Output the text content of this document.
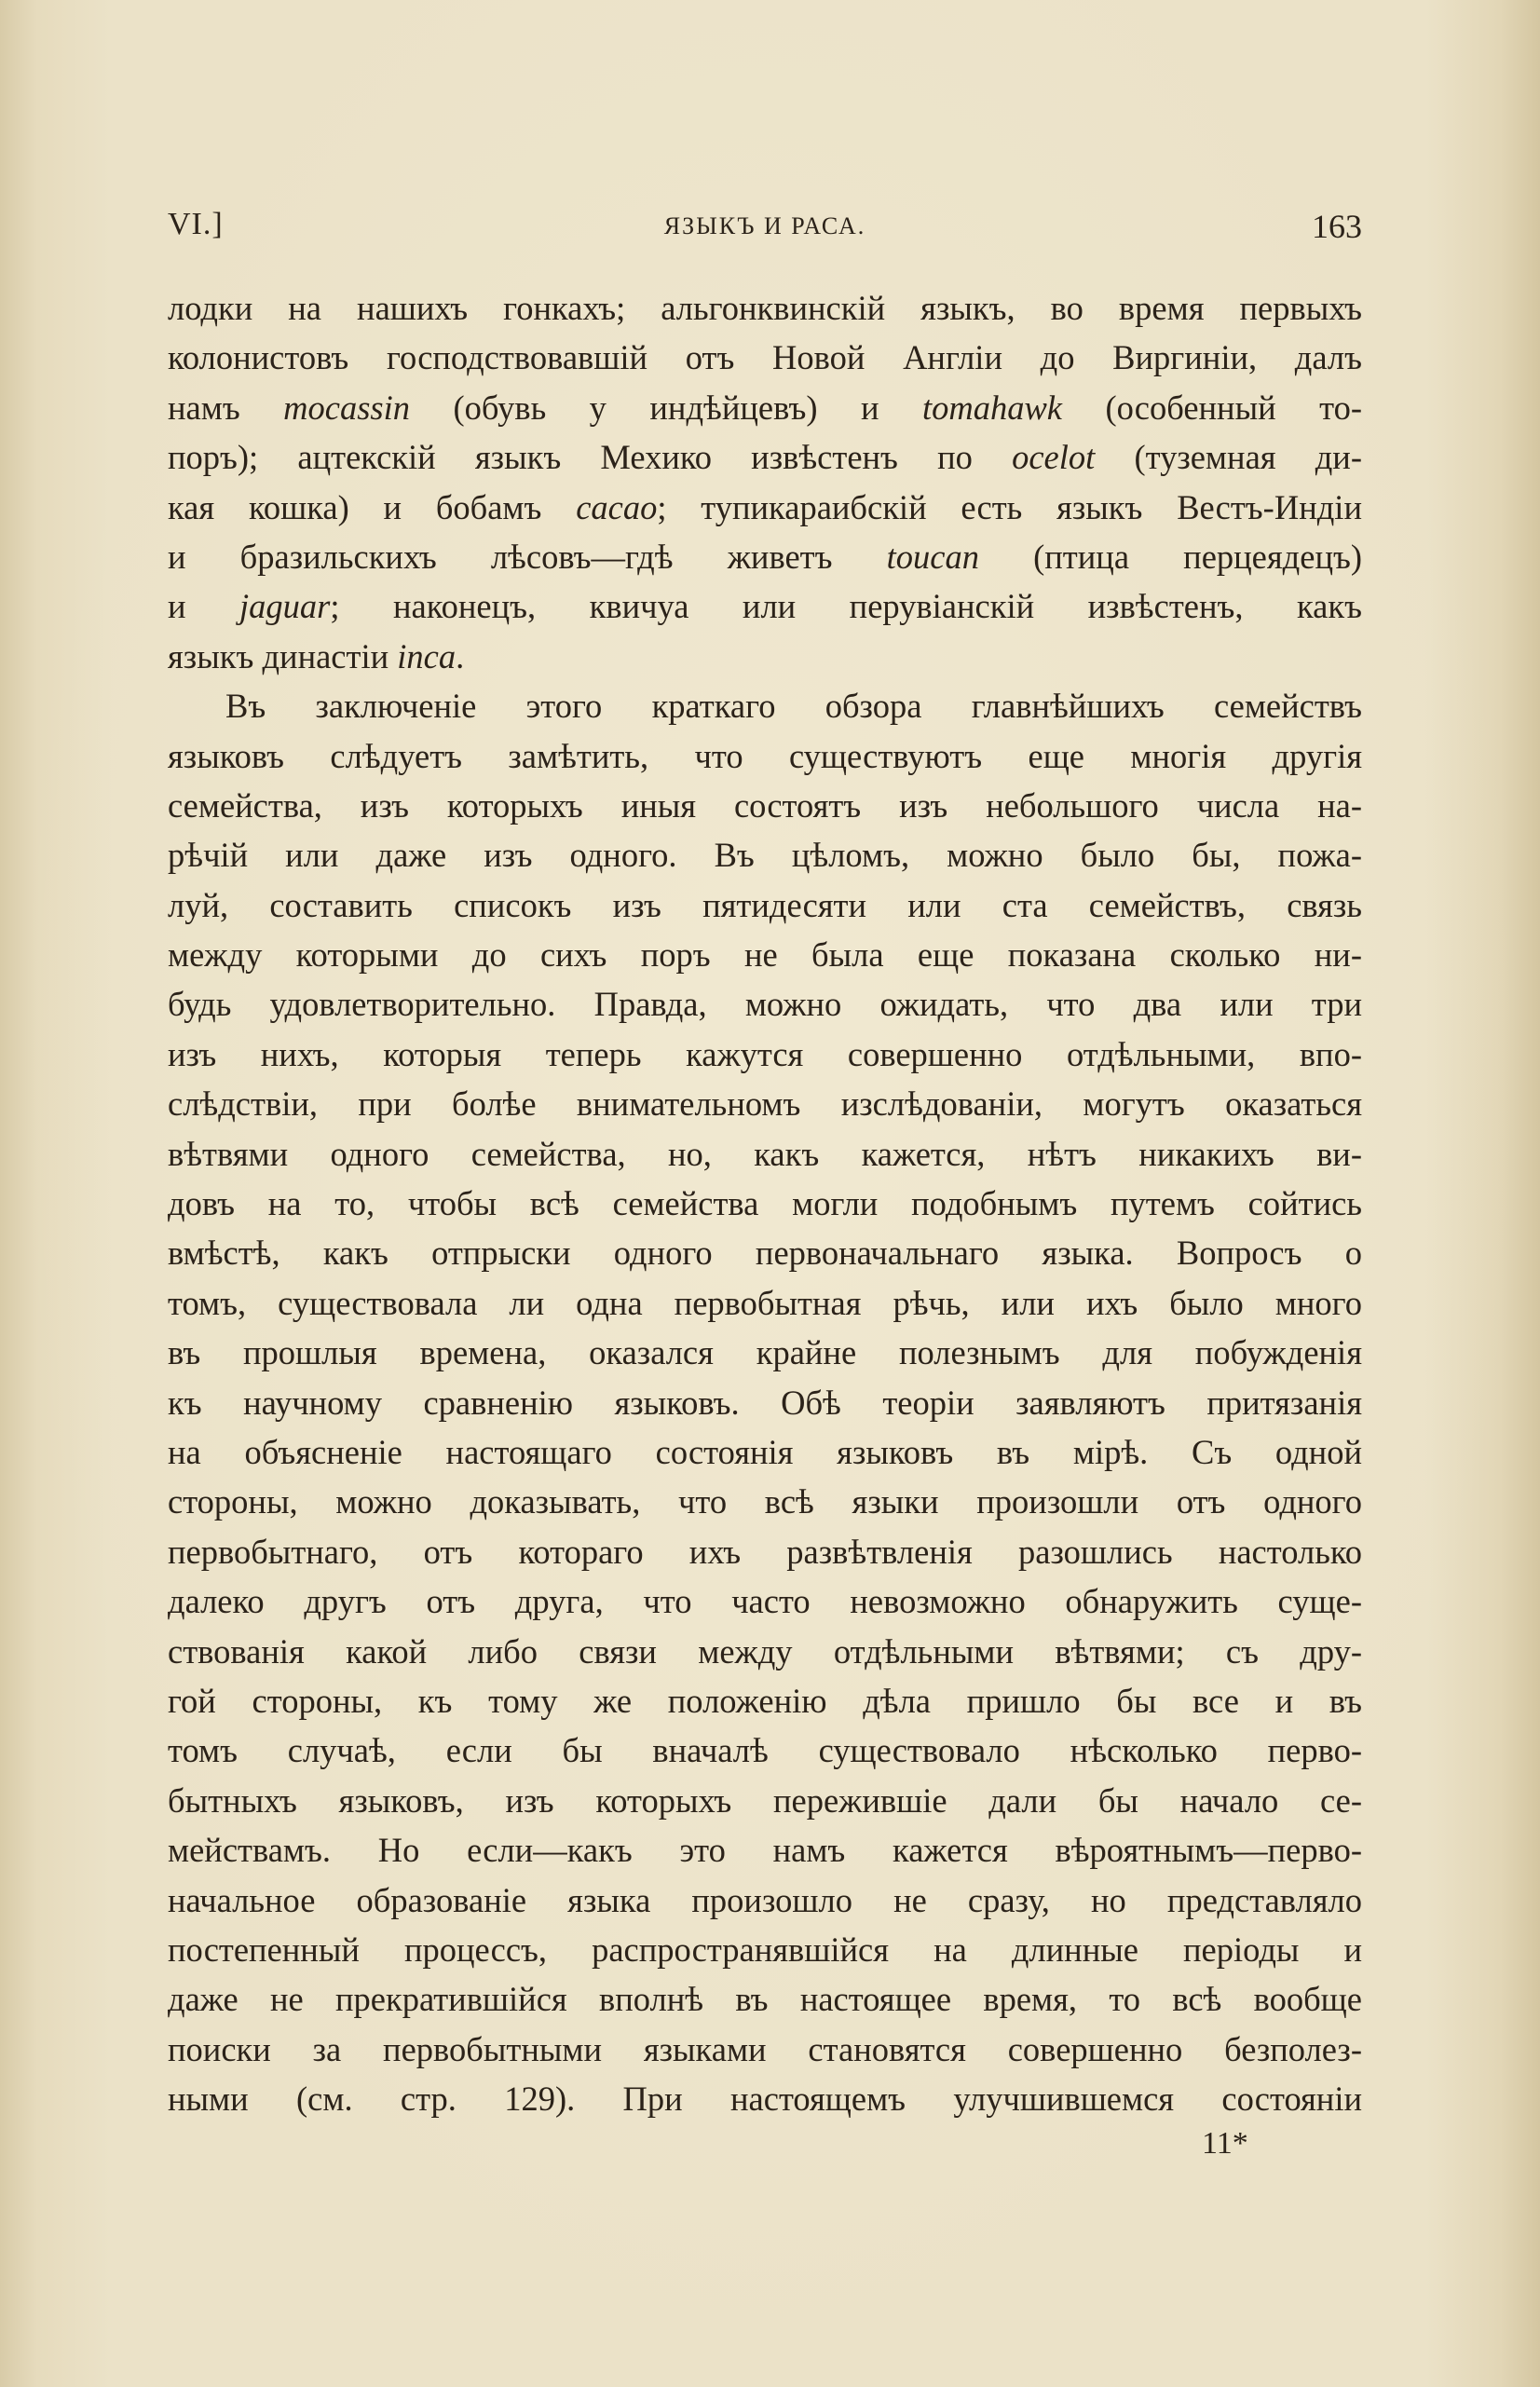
VI.]	ЯЗЫКЪ И РАСА.	163
лодки на нашихъ гонкахъ; альгонквинскій языкъ, во время первыхъ
колонистовъ господствовавшій отъ Новой Англіи до Виргиніи, далъ
намъ mocassin (обувь у индѣйцевъ) и tomahawk (особенный то-
поръ); ацтекскій языкъ Мехико извѣстенъ по ocelot (туземная ди-
кая кошка) и бобамъ cacao; тупикараибскій есть языкъ Вестъ-Индіи
и бразильскихъ лѣсовъ—гдѣ живетъ toucan (птица перцеядецъ)
и jaguar; наконецъ, квичуа или перувіанскій извѣстенъ, какъ
языкъ династіи inca.
Въ заключеніе этого краткаго обзора главнѣйшихъ семействъ
языковъ слѣдуетъ замѣтить, что существуютъ еще многія другія
семейства, изъ которыхъ иныя состоятъ изъ небольшого числа на-
рѣчій или даже изъ одного. Въ цѣломъ, можно было бы, пожа-
луй, составить списокъ изъ пятидесяти или ста семействъ, связь
между которыми до сихъ поръ не была еще показана сколько ни-
будь удовлетворительно. Правда, можно ожидать, что два или три
изъ нихъ, которыя теперь кажутся совершенно отдѣльными, впо-
слѣдствіи, при болѣе внимательномъ изслѣдованіи, могутъ оказаться
вѣтвями одного семейства, но, какъ кажется, нѣтъ никакихъ ви-
довъ на то, чтобы всѣ семейства могли подобнымъ путемъ сойтись
вмѣстѣ, какъ отпрыски одного первоначальнаго языка. Вопросъ о
томъ, существовала ли одна первобытная рѣчь, или ихъ было много
въ прошлыя времена, оказался крайне полезнымъ для побужденія
къ научному сравненію языковъ. Обѣ теоріи заявляютъ притязанія
на объясненіе настоящаго состоянія языковъ въ мірѣ. Съ одной
стороны, можно доказывать, что всѣ языки произошли отъ одного
первобытнаго, отъ котораго ихъ развѣтвленія разошлись настолько
далеко другъ отъ друга, что часто невозможно обнаружить суще-
ствованія какой либо связи между отдѣльными вѣтвями; съ дру-
гой стороны, къ тому же положенію дѣла пришло бы все и въ
томъ случаѣ, если бы вначалѣ существовало нѣсколько перво-
бытныхъ языковъ, изъ которыхъ пережившіе дали бы начало се-
мействамъ. Но если—какъ это намъ кажется вѣроятнымъ—перво-
начальное образованіе языка произошло не сразу, но представляло
постепенный процессъ, распространявшійся на длинные періоды и
даже не прекратившійся вполнѣ въ настоящее время, то всѣ вообще
поиски за первобытными языками становятся совершенно безполез-
ными (см. стр. 129). При настоящемъ улучшившемся состояніи
11*
